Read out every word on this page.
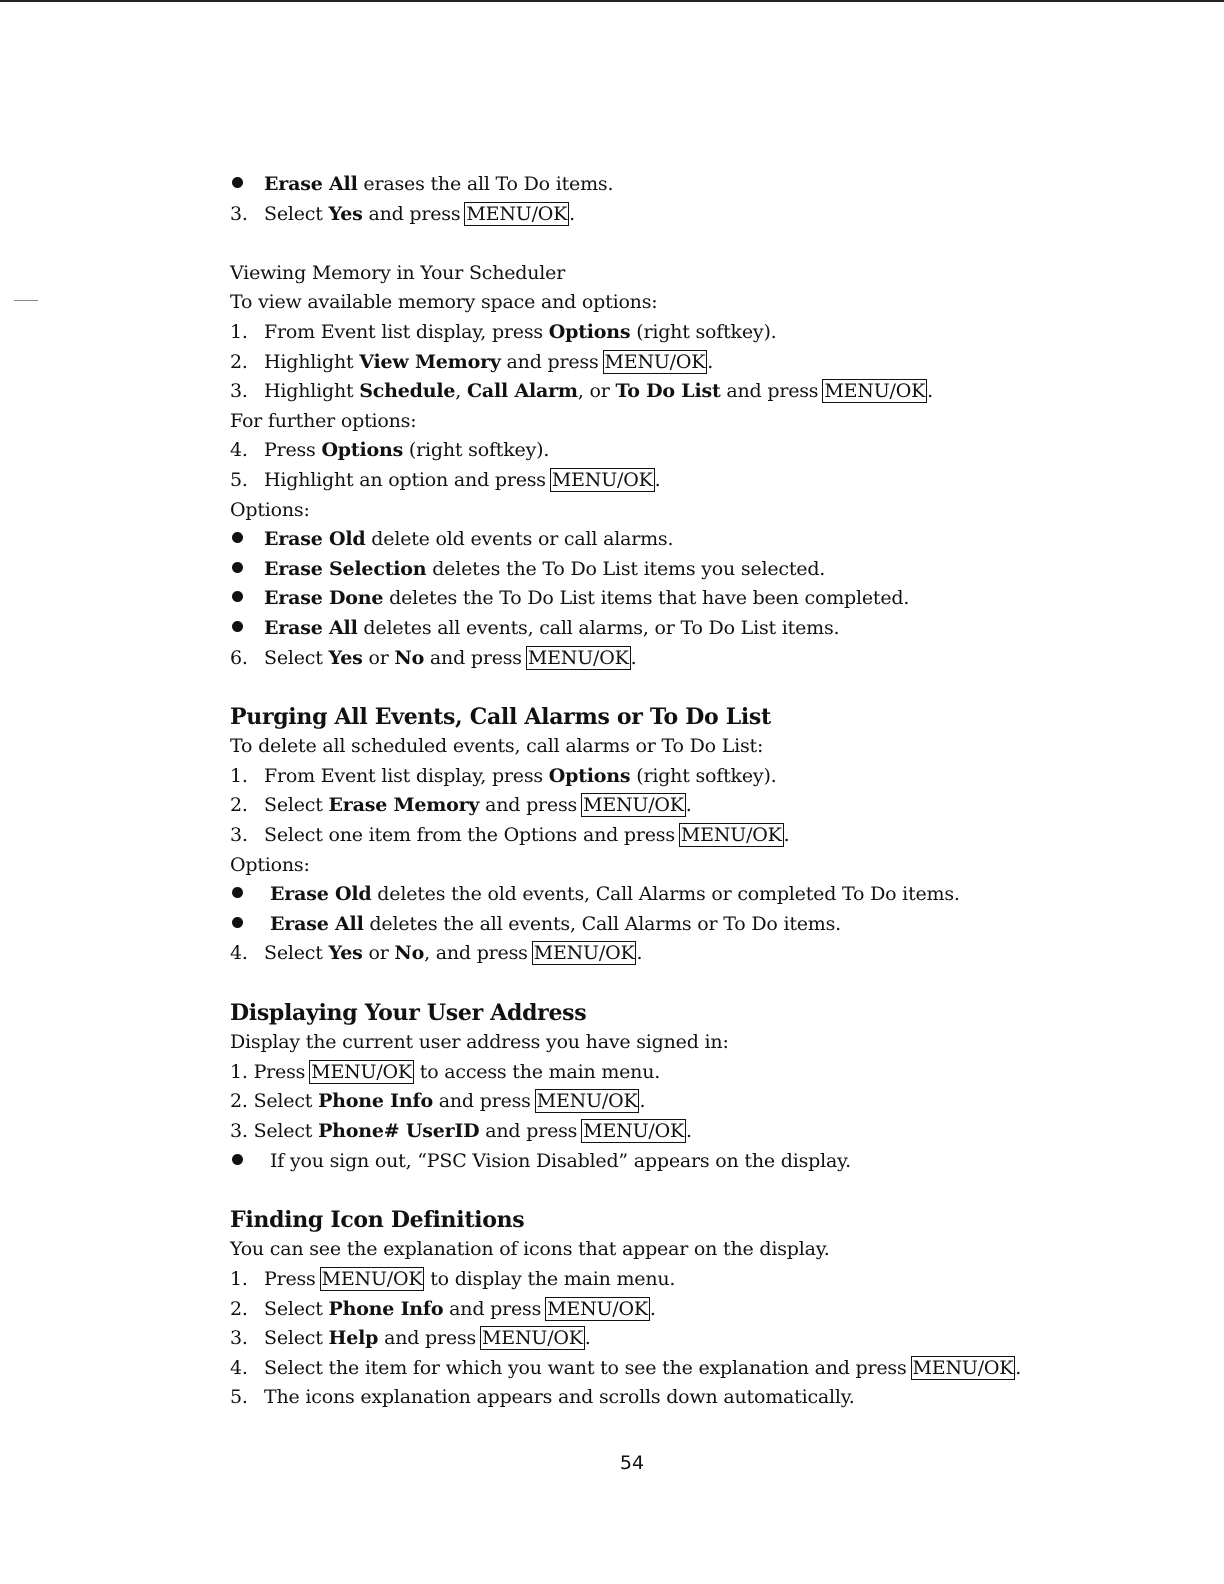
Erase All erases the all To Do items.
3. Select Yes and press MENU/OK .
Viewing Memory in Your Scheduler
To view available memory space and options:
1. From Event list display, press Options (right softkey).
2. Highlight View Memory and press MENU/OK .
3. Highlight Schedule, Call Alarm, or To Do List and press MENU/OK .
For further options:
4. Press Options (right softkey).
5. Highlight an option and press MENU/OK .
Options:
Erase Old delete old events or call alarms.
Erase Selection deletes the To Do List items you selected.
Erase Done deletes the To Do List items that have been completed.
Erase All deletes all events, call alarms, or To Do List items.
6. Select Yes or No and press MENU/OK .
Purging All Events, Call Alarms or To Do List
To delete all scheduled events, call alarms or To Do List:
1. From Event list display, press Options (right softkey).
2. Select Erase Memory and press MENU/OK .
3. Select one item from the Options and press MENU/OK .
Options:
Erase Old deletes the old events, Call Alarms or completed To Do items.
Erase All deletes the all events, Call Alarms or To Do items.
4. Select Yes or No, and press MENU/OK .
Displaying Your User Address
Display the current user address you have signed in:
1. Press MENU/OK to access the main menu.
2. Select Phone Info and press MENU/OK .
3. Select Phone# UserID and press MENU/OK .
If you sign out, “PSC Vision Disabled” appears on the display.
Finding Icon Definitions
You can see the explanation of icons that appear on the display.
1. Press MENU/OK to display the main menu.
2. Select Phone Info and press MENU/OK .
3. Select Help and press MENU/OK .
4. Select the item for which you want to see the explanation and press MENU/OK .
5. The icons explanation appears and scrolls down automatically.
54
